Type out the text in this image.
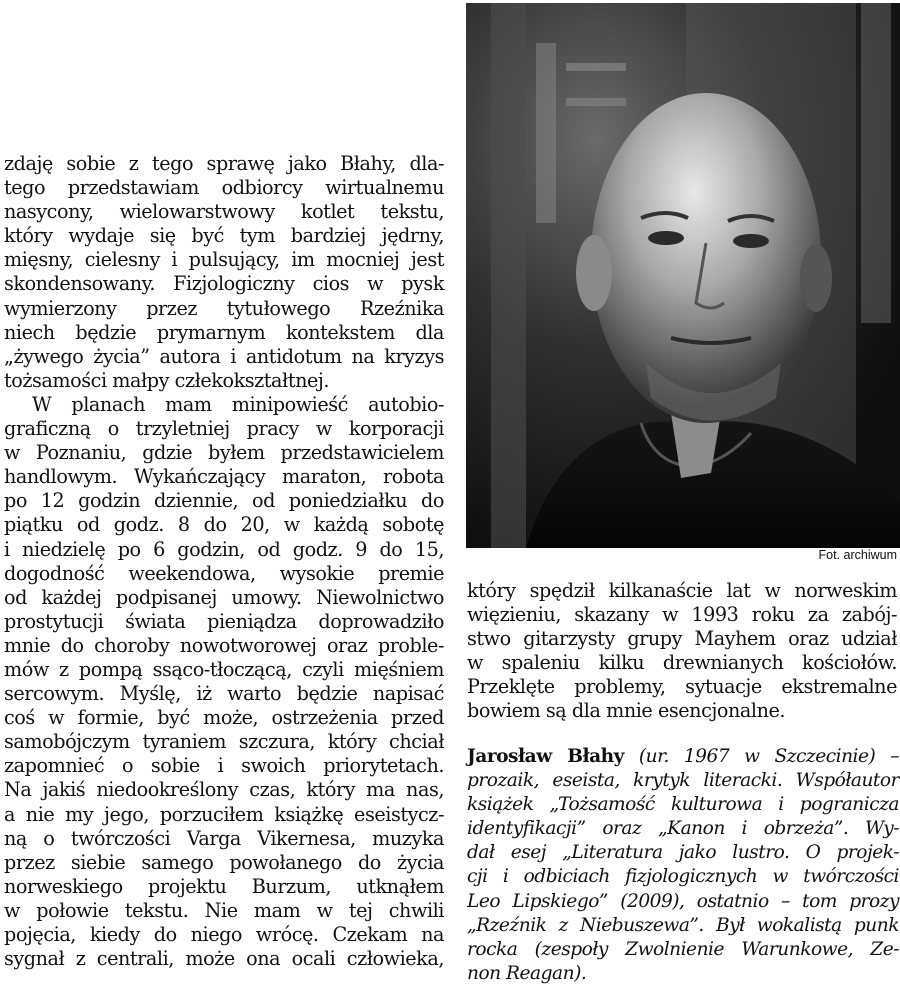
zdaję sobie z tego sprawę jako Błahy, dla-
tego przedstawiam odbiorcy wirtualnemu
nasycony, wielowarstwowy kotlet tekstu,
który wydaje się być tym bardziej jędrny,
mięsny, cielesny i pulsujący, im mocniej jest
skondensowany. Fizjologiczny cios w pysk
wymierzony przez tytułowego Rzeźnika
niech będzie prymarnym kontekstem dla
„żywego życia” autora i antidotum na kryzys
tożsamości małpy człekokształtnej.
W planach mam minipowieść autobio-
graficzną o trzyletniej pracy w korporacji
w Poznaniu, gdzie byłem przedstawicielem
handlowym. Wykańczający maraton, robota
po 12 godzin dziennie, od poniedziałku do
piątku od godz. 8 do 20, w każdą sobotę
i niedzielę po 6 godzin, od godz. 9 do 15,
dogodność weekendowa, wysokie premie
od każdej podpisanej umowy. Niewolnictwo
prostytucji świata pieniądza doprowadziło
mnie do choroby nowotworowej oraz proble-
mów z pompą ssąco-tłoczącą, czyli mięśniem
sercowym. Myślę, iż warto będzie napisać
coś w formie, być może, ostrzeżenia przed
samobójczym tyraniem szczura, który chciał
zapomnieć o sobie i swoich priorytetach.
Na jakiś niedookreślony czas, który ma nas,
a nie my jego, porzuciłem książkę eseistycz-
ną o twórczości Varga Vikernesa, muzyka
przez siebie samego powołanego do życia
norweskiego projektu Burzum, utknąłem
w połowie tekstu. Nie mam w tej chwili
pojęcia, kiedy do niego wrócę. Czekam na
sygnał z centrali, może ona ocali człowieka,
Fot. archiwum
który spędził kilkanaście lat w norweskim
więzieniu, skazany w 1993 roku za zabój-
stwo gitarzysty grupy Mayhem oraz udział
w spaleniu kilku drewnianych kościołów.
Przeklęte problemy, sytuacje ekstremalne
bowiem są dla mnie esencjonalne.
Jarosław Błahy (ur. 1967 w Szczecinie) –
prozaik, eseista, krytyk literacki. Współautor
książek „Tożsamość kulturowa i pogranicza
identyfikacji” oraz „Kanon i obrzeża”. Wy-
dał esej „Literatura jako lustro. O projek-
cji i odbiciach fizjologicznych w twórczości
Leo Lipskiego” (2009), ostatnio – tom prozy
„Rzeźnik z Niebuszewa”. Był wokalistą punk
rocka (zespoły Zwolnienie Warunkowe, Ze-
non Reagan).
